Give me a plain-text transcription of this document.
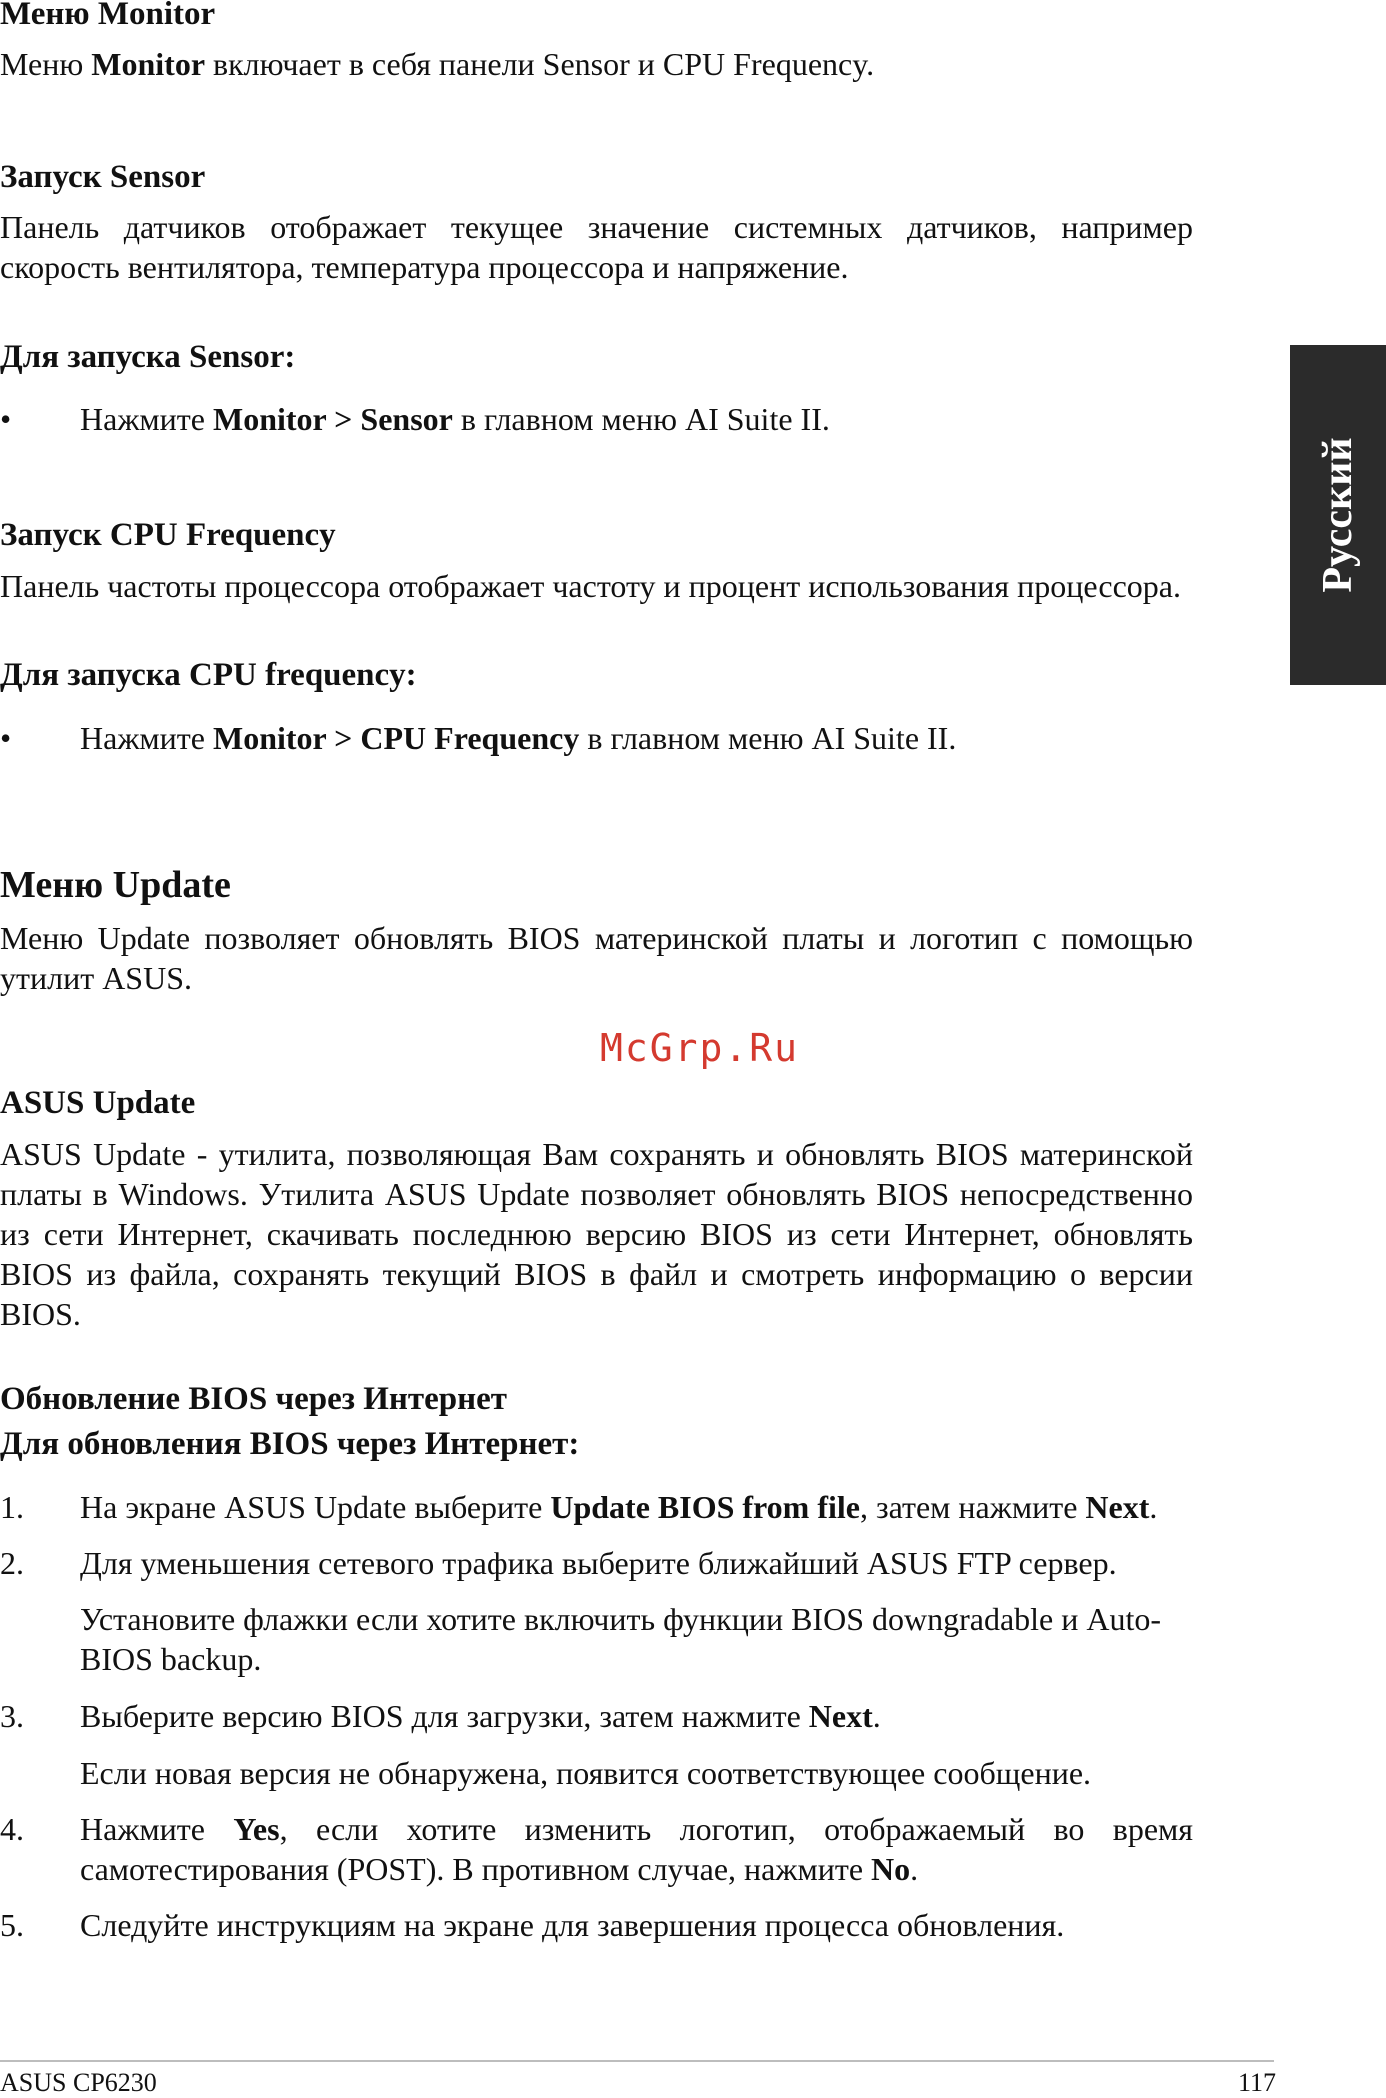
Русский
Меню Monitor
Меню Monitor включает в себя панели Sensor и CPU Frequency.
Запуск Sensor
Панель датчиков отображает текущее значение системных датчиков, например скорость вентилятора, температура процессора и напряжение.
Для запуска Sensor:
•	Нажмите Monitor > Sensor в главном меню AI Suite II.
Запуск CPU Frequency
Панель частоты процессора отображает частоту и процент использования процессора.
Для запуска CPU frequency:
•	Нажмите Monitor > CPU Frequency в главном меню AI Suite II.
Меню Update
Меню Update позволяет обновлять BIOS материнской платы и логотип с помощью утилит ASUS.
ASUS Update
ASUS Update - утилита, позволяющая Вам сохранять и обновлять BIOS материнской платы в Windows. Утилита ASUS Update позволяет обновлять BIOS непосредственно из сети Интернет, скачивать последнюю версию BIOS из сети Интернет, обновлять BIOS из файла, сохранять текущий BIOS в файл и смотреть информацию о версии BIOS.
Обновление BIOS через Интернет
Для обновления BIOS через Интернет:
1.	На экране ASUS Update выберите Update BIOS from file, затем нажмите Next.
2.	Для уменьшения сетевого трафика выберите ближайший ASUS FTP сервер.
Установите флажки если хотите включить функции BIOS downgradable и Auto-BIOS backup.
3.	Выберите версию BIOS для загрузки, затем нажмите Next.
Если новая версия не обнаружена, появится соответствующее сообщение.
4.	Нажмите Yes, если хотите изменить логотип, отображаемый во время самотестирования (POST). В противном случае, нажмите No.
5.	Следуйте инструкциям на экране для завершения процесса обновления.
McGrp.Ru
ASUS CP6230	117
